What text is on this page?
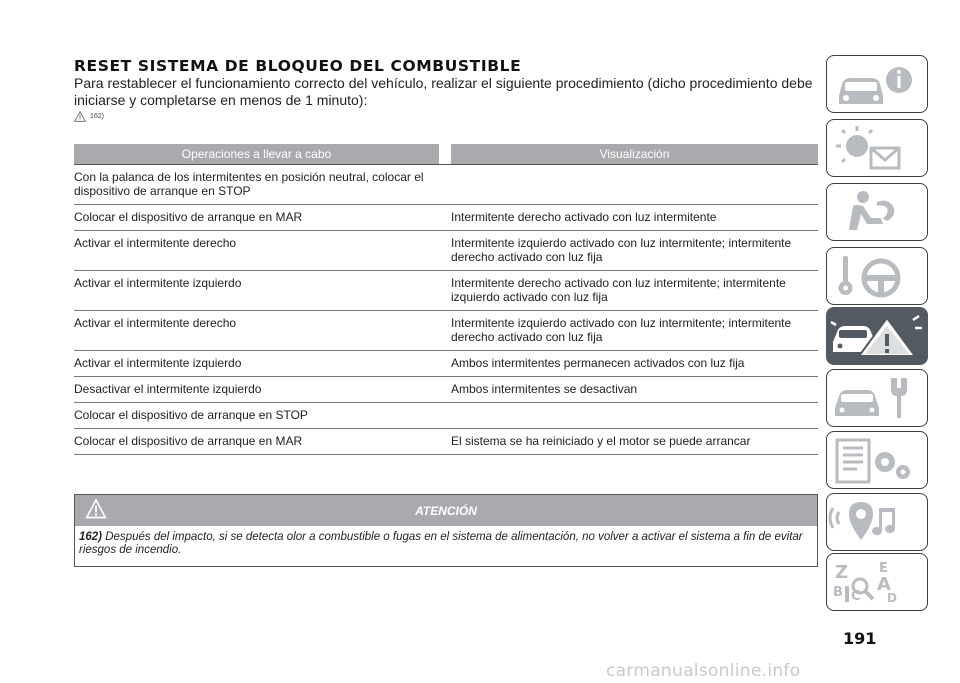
RESET SISTEMA DE BLOQUEO DEL COMBUSTIBLE
Para restablecer el funcionamiento correcto del vehículo, realizar el siguiente procedimiento (dicho procedimiento debe iniciarse y completarse en menos de 1 minuto):
162)
Operaciones a llevar a cabo	Visualización
Con la palanca de los intermitentes en posición neutral, colocar el dispositivo de arranque en STOP
Colocar el dispositivo de arranque en MAR	Intermitente derecho activado con luz intermitente
Activar el intermitente derecho	Intermitente izquierdo activado con luz intermitente; intermitente derecho activado con luz fija
Activar el intermitente izquierdo	Intermitente derecho activado con luz intermitente; intermitente izquierdo activado con luz fija
Activar el intermitente derecho	Intermitente izquierdo activado con luz intermitente; intermitente derecho activado con luz fija
Activar el intermitente izquierdo	Ambos intermitentes permanecen activados con luz fija
Desactivar el intermitente izquierdo	Ambos intermitentes se desactivan
Colocar el dispositivo de arranque en STOP
Colocar el dispositivo de arranque en MAR	El sistema se ha reiniciado y el motor se puede arrancar
ATENCIÓN
162) Después del impacto, si se detecta olor a combustible o fugas en el sistema de alimentación, no volver a activar el sistema a fin de evitar riesgos de incendio.
Z E
A
B C D
191
carmanualsonline.info
